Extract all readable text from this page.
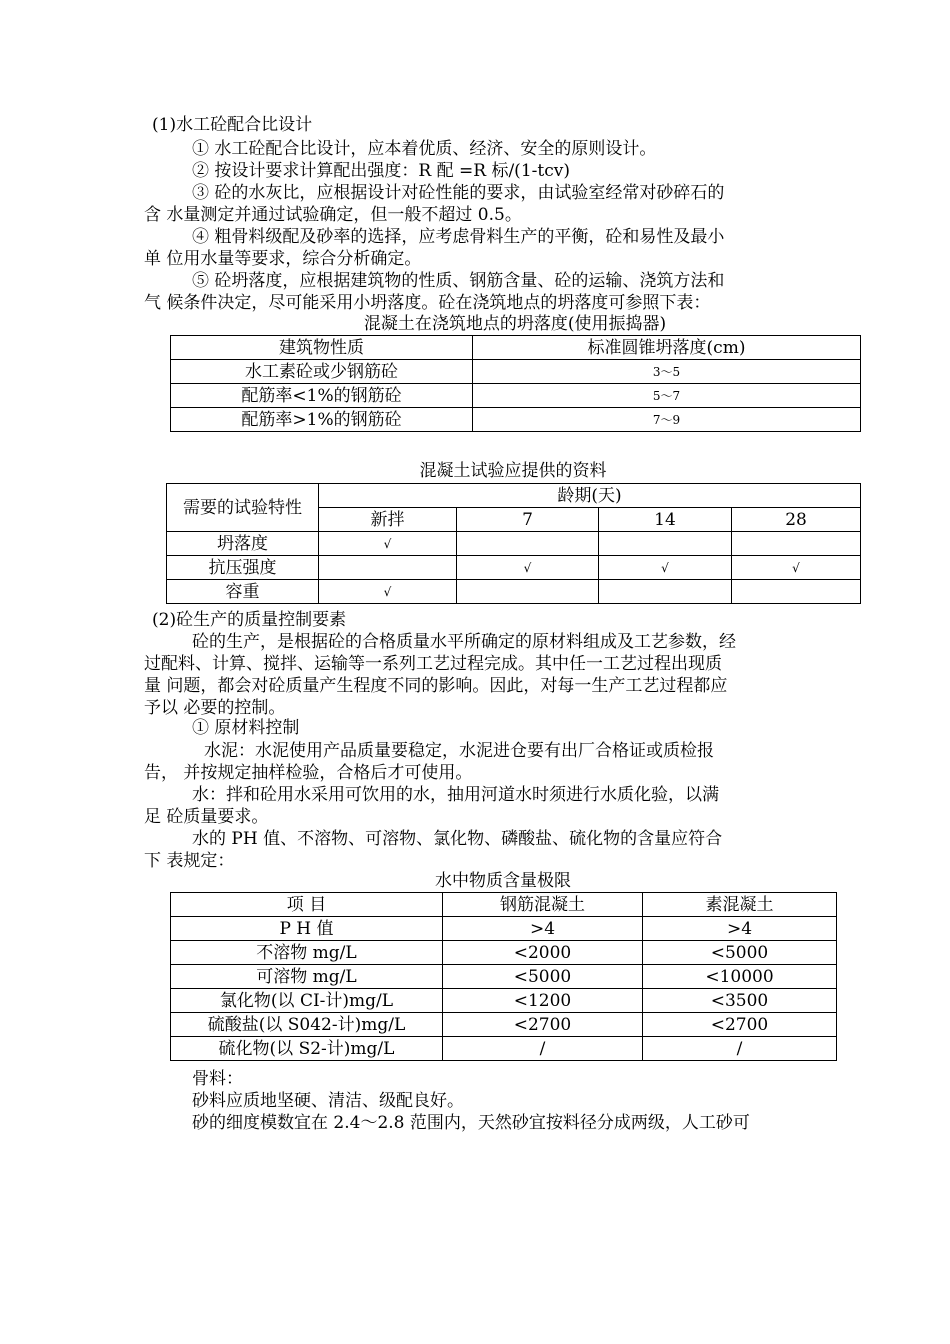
(1)水工砼配合比设计
① 水工砼配合比设计，应本着优质、经济、安全的原则设计。
② 按设计要求计算配出强度：R 配 =R 标/(1-tcv)
③ 砼的水灰比，应根据设计对砼性能的要求，由试验室经常对砂碎石的
含 水量测定并通过试验确定，但一般不超过 0.5。
④ 粗骨料级配及砂率的选择，应考虑骨料生产的平衡，砼和易性及最小
单 位用水量等要求，综合分析确定。
⑤ 砼坍落度，应根据建筑物的性质、钢筋含量、砼的运输、浇筑方法和
气 候条件决定，尽可能采用小坍落度。砼在浇筑地点的坍落度可参照下表：
混凝土在浇筑地点的坍落度(使用振捣器)
建筑物性质	标准圆锥坍落度(cm)
水工素砼或少钢筋砼	3～5
配筋率<1%的钢筋砼	5～7
配筋率>1%的钢筋砼	7～9
混凝土试验应提供的资料
需要的试验特性	龄期(天)			
	新拌	7	14	28
坍落度	√			
抗压强度		√	√	√
容重	√			
(2)砼生产的质量控制要素
砼的生产，是根据砼的合格质量水平所确定的原材料组成及工艺参数，经
过配料、计算、搅拌、运输等一系列工艺过程完成。其中任一工艺过程出现质
量 问题，都会对砼质量产生程度不同的影响。因此，对每一生产工艺过程都应
予以 必要的控制。
① 原材料控制
水泥：水泥使用产品质量要稳定，水泥进仓要有出厂合格证或质检报
告， 并按规定抽样检验，合格后才可使用。
水：拌和砼用水采用可饮用的水，抽用河道水时须进行水质化验，以满
足 砼质量要求。
水的 PH 值、不溶物、可溶物、氯化物、磷酸盐、硫化物的含量应符合
下 表规定：
水中物质含量极限
项 目	钢筋混凝土	素混凝土
P H 值	>4	>4
不溶物 mg/L	<2000	<5000
可溶物 mg/L	<5000	<10000
氯化物(以 CI-计)mg/L	<1200	<3500
硫酸盐(以 S042-计)mg/L	<2700	<2700
硫化物(以 S2-计)mg/L	/	/
骨料：
砂料应质地坚硬、清洁、级配良好。
砂的细度模数宜在 2.4～2.8 范围内，天然砂宜按料径分成两级，人工砂可
